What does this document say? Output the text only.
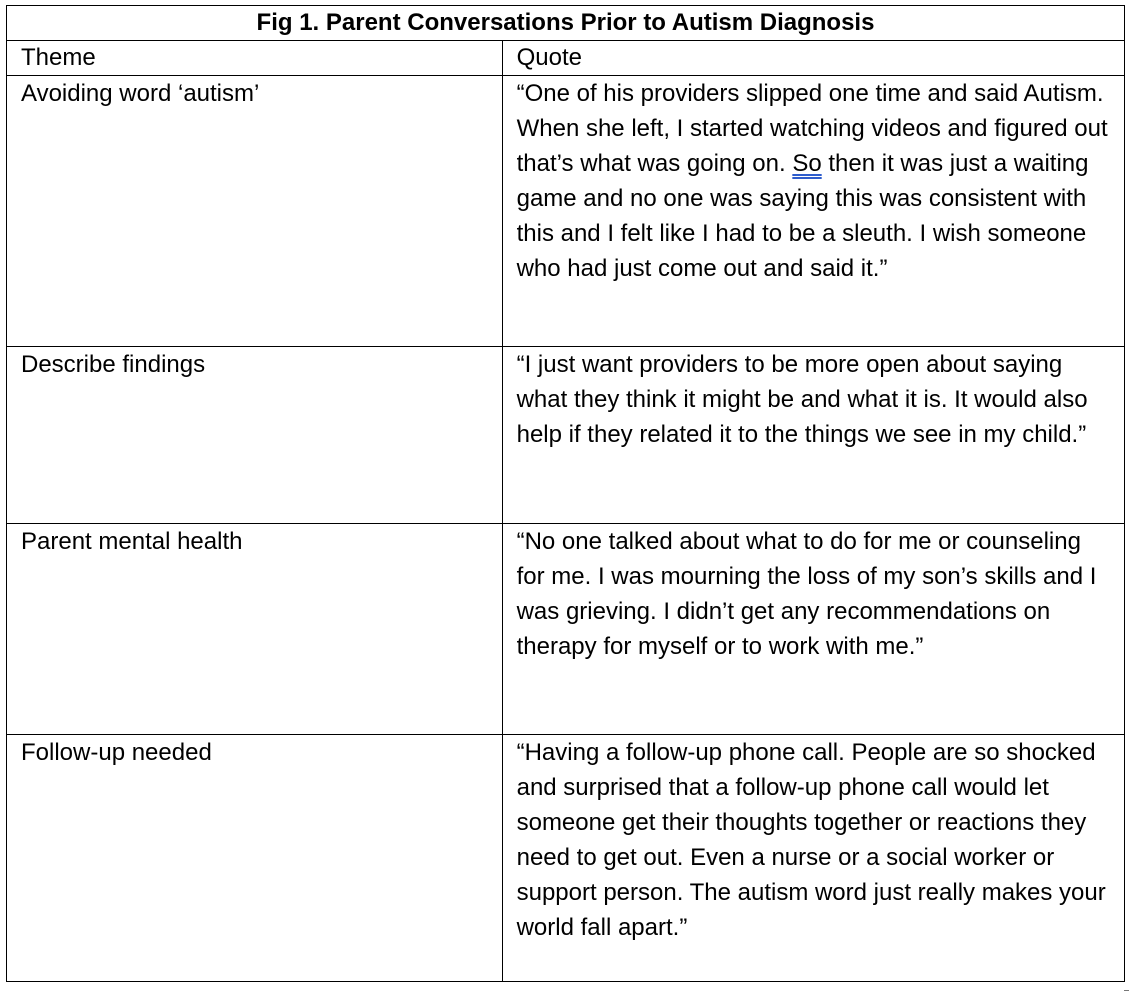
Fig 1. Parent Conversations Prior to Autism Diagnosis	
Theme	Quote
Avoiding word ‘autism’	“One of his providers slipped one time and said Autism. When she left, I started watching videos and figured out that’s what was going on. So then it was just a waiting game and no one was saying this was consistent with this and I felt like I had to be a sleuth. I wish someone who had just come out and said it.”
Describe findings	“I just want providers to be more open about saying what they think it might be and what it is. It would also help if they related it to the things we see in my child.”
Parent mental health	“No one talked about what to do for me or counseling for me. I was mourning the loss of my son’s skills and I was grieving. I didn’t get any recommendations on therapy for myself or to work with me.”
Follow-up needed	“Having a follow-up phone call. People are so shocked and surprised that a follow-up phone call would let someone get their thoughts together or reactions they need to get out. Even a nurse or a social worker or support person. The autism word just really makes your world fall apart.”
